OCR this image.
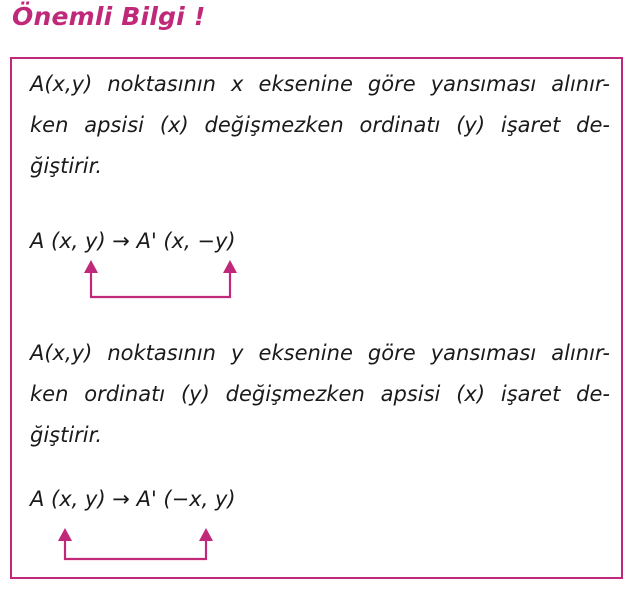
Önemli Bilgi !
A(x,y) noktasının x eksenine göre yansıması alınır-
ken apsisi (x) değişmezken ordinatı (y) işaret de-
ğiştirir.
A (x, y) → A' (x, −y)
A(x,y) noktasının y eksenine göre yansıması alınır-
ken ordinatı (y) değişmezken apsisi (x) işaret de-
ğiştirir.
A (x, y) → A' (−x, y)
